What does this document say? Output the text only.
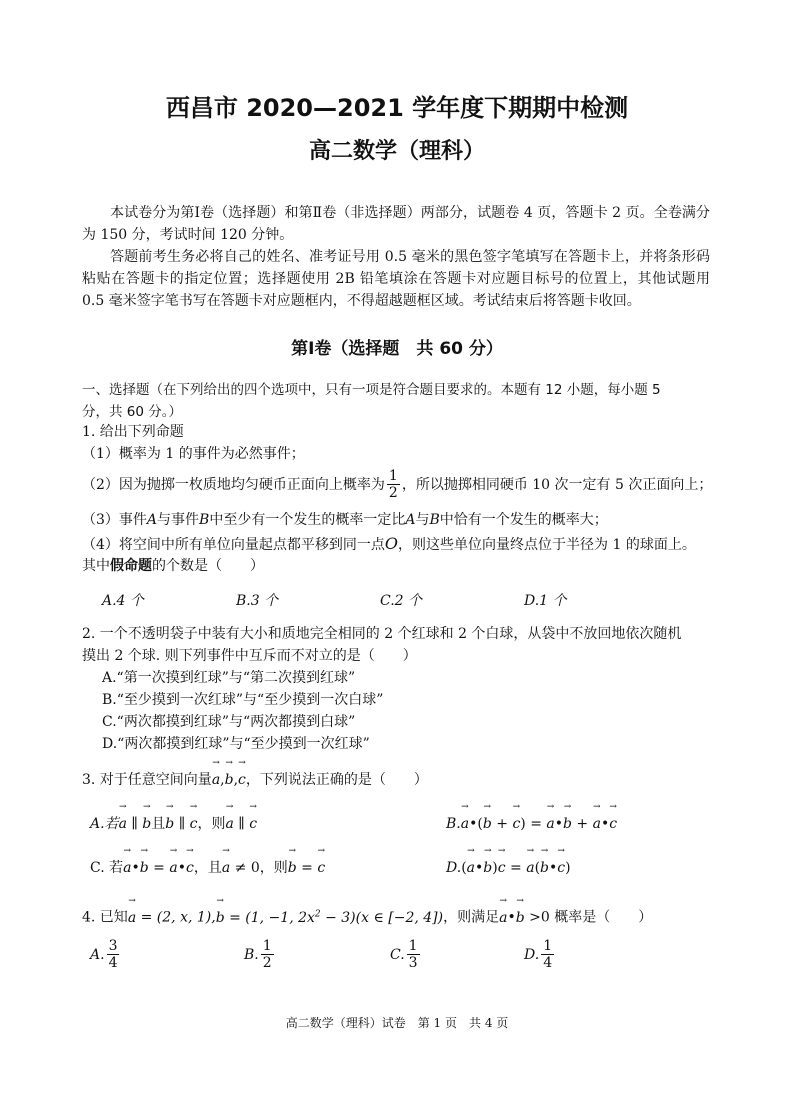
西昌市 2020—2021 学年度下期期中检测
高二数学（理科）
本试卷分为第Ⅰ卷（选择题）和第Ⅱ卷（非选择题）两部分，试题卷 4 页，答题卡 2 页。全卷满分为 150 分，考试时间 120 分钟。
答题前考生务必将自己的姓名、准考证号用 0.5 毫米的黑色签字笔填写在答题卡上，并将条形码粘贴在答题卡的指定位置；选择题使用 2B 铅笔填涂在答题卡对应题目标号的位置上，其他试题用 0.5 毫米签字笔书写在答题卡对应题框内，不得超越题框区域。考试结束后将答题卡收回。
第Ⅰ卷（选择题　共 60 分）
一、选择题（在下列给出的四个选项中，只有一项是符合题目要求的。本题有 12 小题，每小题 5
分，共 60 分。）
1. 给出下列命题
（1）概率为 1 的事件为必然事件；
（2）因为抛掷一枚质地均匀硬币正面向上概率为 $\frac{1}{2}$ ，所以抛掷相同硬币 10 次一定有 5 次正面向上；
（3）事件A与事件B中至少有一个发生的概率一定比A与B中恰有一个发生的概率大；
（4）将空间中所有单位向量起点都平移到同一点O，则这些单位向量终点位于半径为 1 的球面上。
其中假命题的个数是（　　）
A.4 个	B.3 个	C.2 个	D.1 个
2. 一个不透明袋子中装有大小和质地完全相同的 2 个红球和 2 个白球，从袋中不放回地依次随机
摸出 2 个球. 则下列事件中互斥而不对立的是（　　）
A.“第一次摸到红球”与“第二次摸到红球”
B.“至少摸到一次红球”与“至少摸到一次白球”
C.“两次都摸到红球”与“两次都摸到白球”
D.“两次都摸到红球”与“至少摸到一次红球”
3. 对于任意空间向量→ a,→ b,→ c，下列说法正确的是（　　）
A.若→ a ∥ → b且→ b ∥ → c，则→ a ∥ → c	B.→ a•(→ b + → c) = → a•→ b + → a•→ c
C. 若→ a•→ b = → a•→ c，且→ a ≠ 0，则→ b = → c	D.(→ a•→ b)→ c = → a(→ b•→ c)
4. 已知→ a = (2, x, 1),→ b = (1, −1, $2x^2 - 3)(x$ ∈ [−2, 4])，则满足→ a•→ b >0 概率是（　　）
A. $\frac{3}{4}$	B. $\frac{1}{2}$	C. $\frac{1}{3}$	D. $\frac{1}{4}$
高二数学（理科）试卷　第 1 页　共 4 页
